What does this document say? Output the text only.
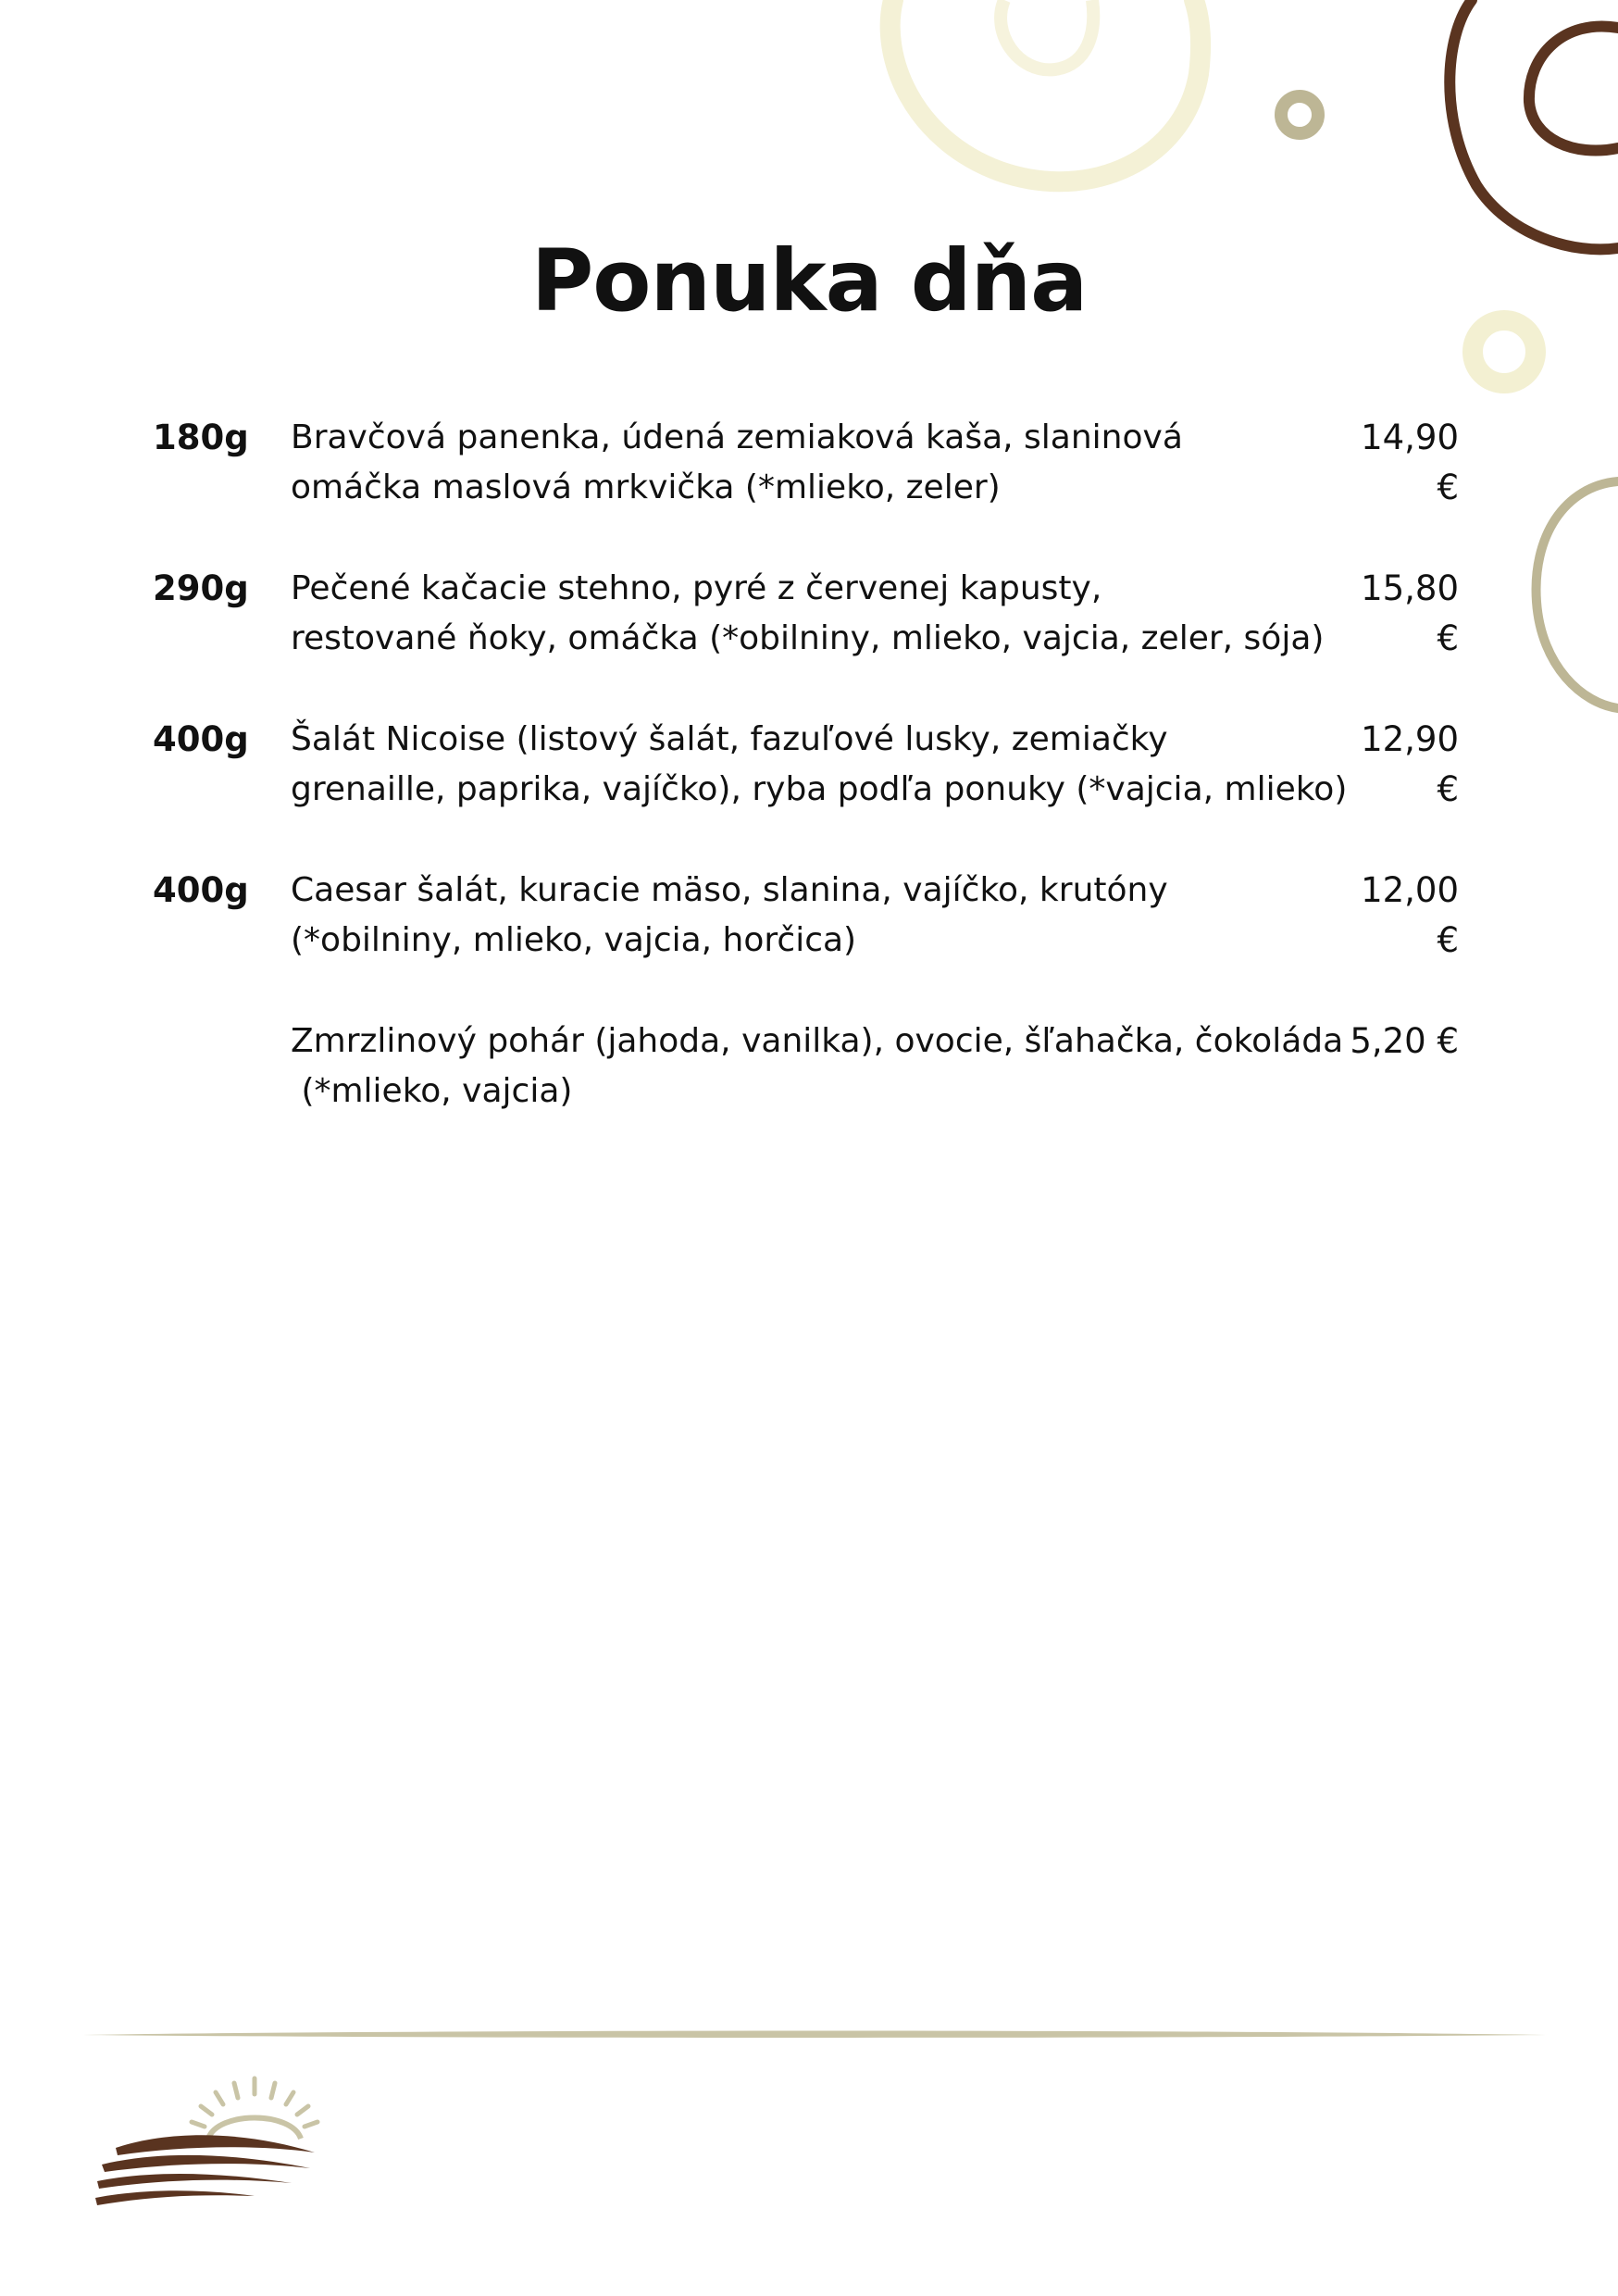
Ponuka dňa
180g Bravčová panenka, údená zemiaková kaša, slaninová
omáčka maslová mrkvička (*mlieko, zeler)
14,90 €
290g Pečené kačacie stehno, pyré z červenej kapusty,
restované ňoky, omáčka (*obilniny, mlieko, vajcia, zeler, sója)
15,80 €
400g Šalát Nicoise (listový šalát, fazuľové lusky, zemiačky
grenaille, paprika, vajíčko), ryba podľa ponuky (*vajcia, mlieko)
12,90 €
400g Caesar šalát, kuracie mäso, slanina, vajíčko, krutóny
(*obilniny, mlieko, vajcia, horčica)
12,00 €
Zmrzlinový pohár (jahoda, vanilka), ovocie, šľahačka, čokoláda
(*mlieko, vajcia)
5,20 €
